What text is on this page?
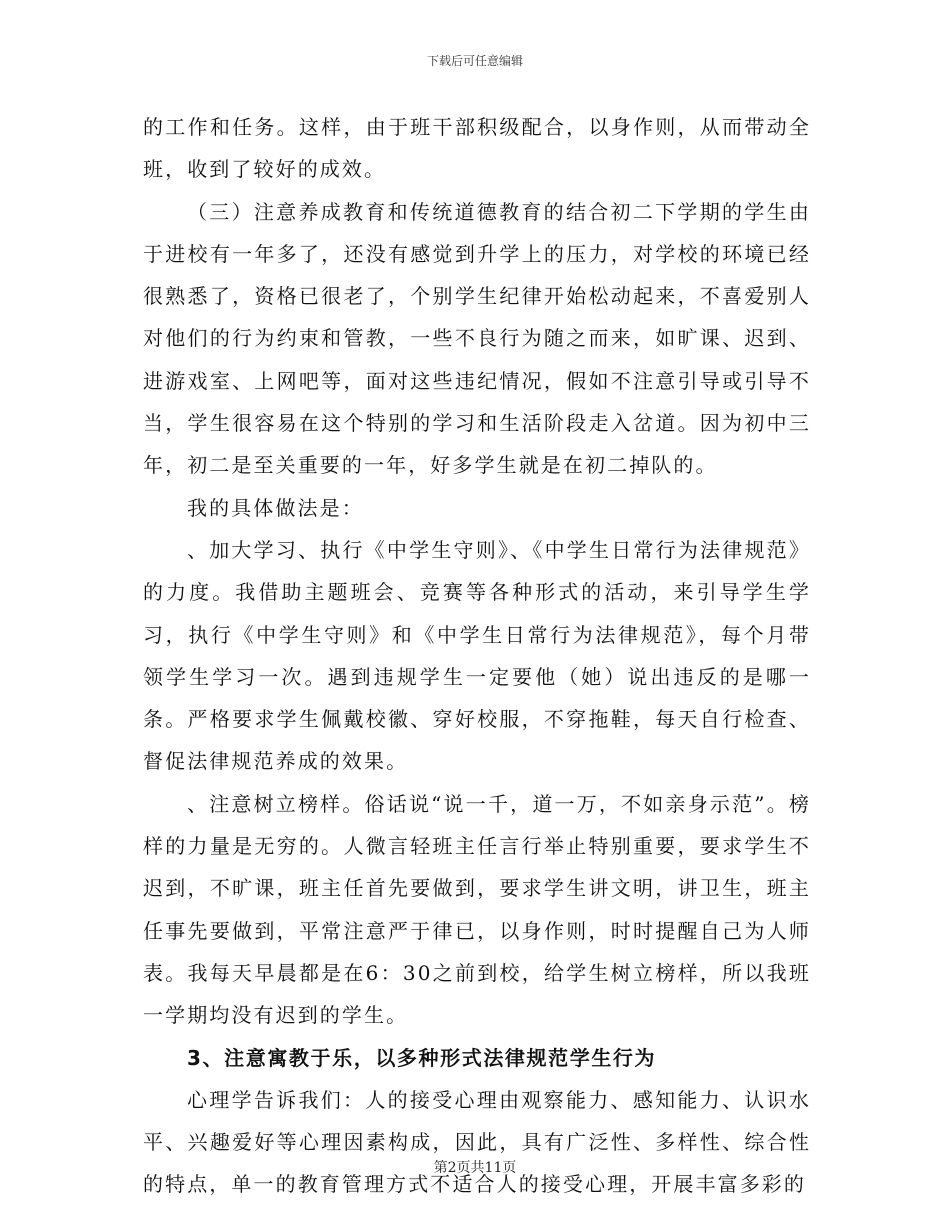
下载后可任意编辑

的工作和任务。这样，由于班干部积级配合，以身作则，从而带动全班，收到了较好的成效。

（三）注意养成教育和传统道德教育的结合初二下学期的学生由于进校有一年多了，还没有感觉到升学上的压力，对学校的环境已经很熟悉了，资格已很老了，个别学生纪律开始松动起来，不喜爱别人对他们的行为约束和管教，一些不良行为随之而来，如旷课、迟到、进游戏室、上网吧等，面对这些违纪情况，假如不注意引导或引导不当，学生很容易在这个特别的学习和生活阶段走入岔道。因为初中三年，初二是至关重要的一年，好多学生就是在初二掉队的。

我的具体做法是：

、加大学习、执行《中学生守则》、《中学生日常行为法律规范》的力度。我借助主题班会、竞赛等各种形式的活动，来引导学生学习，执行《中学生守则》和《中学生日常行为法律规范》，每个月带领学生学习一次。遇到违规学生一定要他（她）说出违反的是哪一条。严格要求学生佩戴校徽、穿好校服，不穿拖鞋，每天自行检查、督促法律规范养成的效果。

、注意树立榜样。俗话说“说一千，道一万，不如亲身示范”。榜样的力量是无穷的。人微言轻班主任言行举止特别重要，要求学生不迟到，不旷课，班主任首先要做到，要求学生讲文明，讲卫生，班主任事先要做到，平常注意严于律已，以身作则，时时提醒自己为人师表。我每天早晨都是在6：30之前到校，给学生树立榜样，所以我班一学期均没有迟到的学生。

3、注意寓教于乐，以多种形式法律规范学生行为

心理学告诉我们：人的接受心理由观察能力、感知能力、认识水平、兴趣爱好等心理因素构成，因此，具有广泛性、多样性、综合性的特点，单一的教育管理方式不适合人的接受心理，开展丰富多彩的

第2页共11页
